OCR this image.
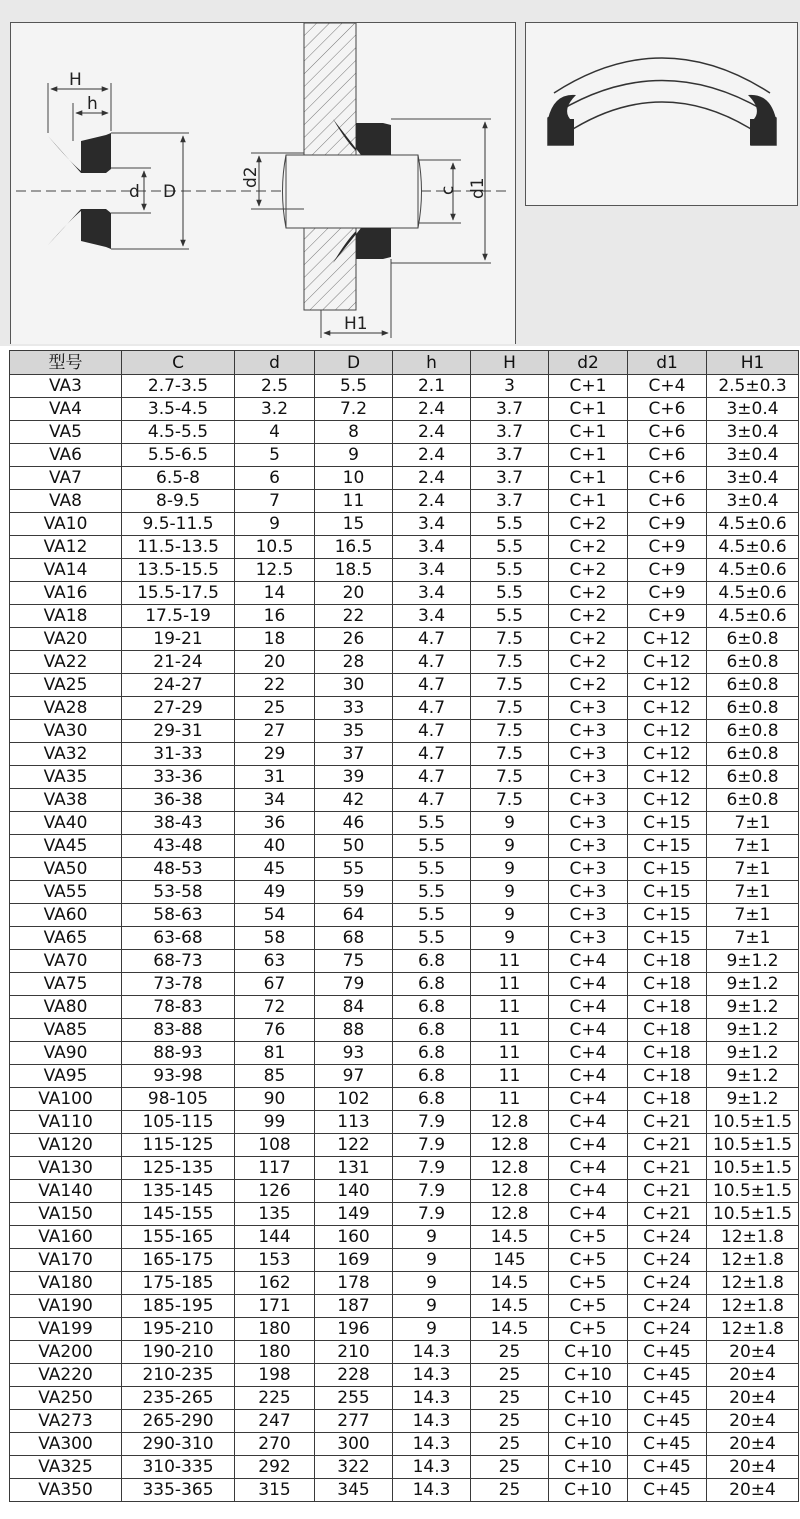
H
h
d D
d2
c d1
H1
型号	C	d	D	h	H	d2	d1	H1
VA3	2.7-3.5	2.5	5.5	2.1	3	C+1	C+4	2.5±0.3
VA4	3.5-4.5	3.2	7.2	2.4	3.7	C+1	C+6	3±0.4
VA5	4.5-5.5	4	8	2.4	3.7	C+1	C+6	3±0.4
VA6	5.5-6.5	5	9	2.4	3.7	C+1	C+6	3±0.4
VA7	6.5-8	6	10	2.4	3.7	C+1	C+6	3±0.4
VA8	8-9.5	7	11	2.4	3.7	C+1	C+6	3±0.4
VA10	9.5-11.5	9	15	3.4	5.5	C+2	C+9	4.5±0.6
VA12	11.5-13.5	10.5	16.5	3.4	5.5	C+2	C+9	4.5±0.6
VA14	13.5-15.5	12.5	18.5	3.4	5.5	C+2	C+9	4.5±0.6
VA16	15.5-17.5	14	20	3.4	5.5	C+2	C+9	4.5±0.6
VA18	17.5-19	16	22	3.4	5.5	C+2	C+9	4.5±0.6
VA20	19-21	18	26	4.7	7.5	C+2	C+12	6±0.8
VA22	21-24	20	28	4.7	7.5	C+2	C+12	6±0.8
VA25	24-27	22	30	4.7	7.5	C+2	C+12	6±0.8
VA28	27-29	25	33	4.7	7.5	C+3	C+12	6±0.8
VA30	29-31	27	35	4.7	7.5	C+3	C+12	6±0.8
VA32	31-33	29	37	4.7	7.5	C+3	C+12	6±0.8
VA35	33-36	31	39	4.7	7.5	C+3	C+12	6±0.8
VA38	36-38	34	42	4.7	7.5	C+3	C+12	6±0.8
VA40	38-43	36	46	5.5	9	C+3	C+15	7±1
VA45	43-48	40	50	5.5	9	C+3	C+15	7±1
VA50	48-53	45	55	5.5	9	C+3	C+15	7±1
VA55	53-58	49	59	5.5	9	C+3	C+15	7±1
VA60	58-63	54	64	5.5	9	C+3	C+15	7±1
VA65	63-68	58	68	5.5	9	C+3	C+15	7±1
VA70	68-73	63	75	6.8	11	C+4	C+18	9±1.2
VA75	73-78	67	79	6.8	11	C+4	C+18	9±1.2
VA80	78-83	72	84	6.8	11	C+4	C+18	9±1.2
VA85	83-88	76	88	6.8	11	C+4	C+18	9±1.2
VA90	88-93	81	93	6.8	11	C+4	C+18	9±1.2
VA95	93-98	85	97	6.8	11	C+4	C+18	9±1.2
VA100	98-105	90	102	6.8	11	C+4	C+18	9±1.2
VA110	105-115	99	113	7.9	12.8	C+4	C+21	10.5±1.5
VA120	115-125	108	122	7.9	12.8	C+4	C+21	10.5±1.5
VA130	125-135	117	131	7.9	12.8	C+4	C+21	10.5±1.5
VA140	135-145	126	140	7.9	12.8	C+4	C+21	10.5±1.5
VA150	145-155	135	149	7.9	12.8	C+4	C+21	10.5±1.5
VA160	155-165	144	160	9	14.5	C+5	C+24	12±1.8
VA170	165-175	153	169	9	145	C+5	C+24	12±1.8
VA180	175-185	162	178	9	14.5	C+5	C+24	12±1.8
VA190	185-195	171	187	9	14.5	C+5	C+24	12±1.8
VA199	195-210	180	196	9	14.5	C+5	C+24	12±1.8
VA200	190-210	180	210	14.3	25	C+10	C+45	20±4
VA220	210-235	198	228	14.3	25	C+10	C+45	20±4
VA250	235-265	225	255	14.3	25	C+10	C+45	20±4
VA273	265-290	247	277	14.3	25	C+10	C+45	20±4
VA300	290-310	270	300	14.3	25	C+10	C+45	20±4
VA325	310-335	292	322	14.3	25	C+10	C+45	20±4
VA350	335-365	315	345	14.3	25	C+10	C+45	20±4
